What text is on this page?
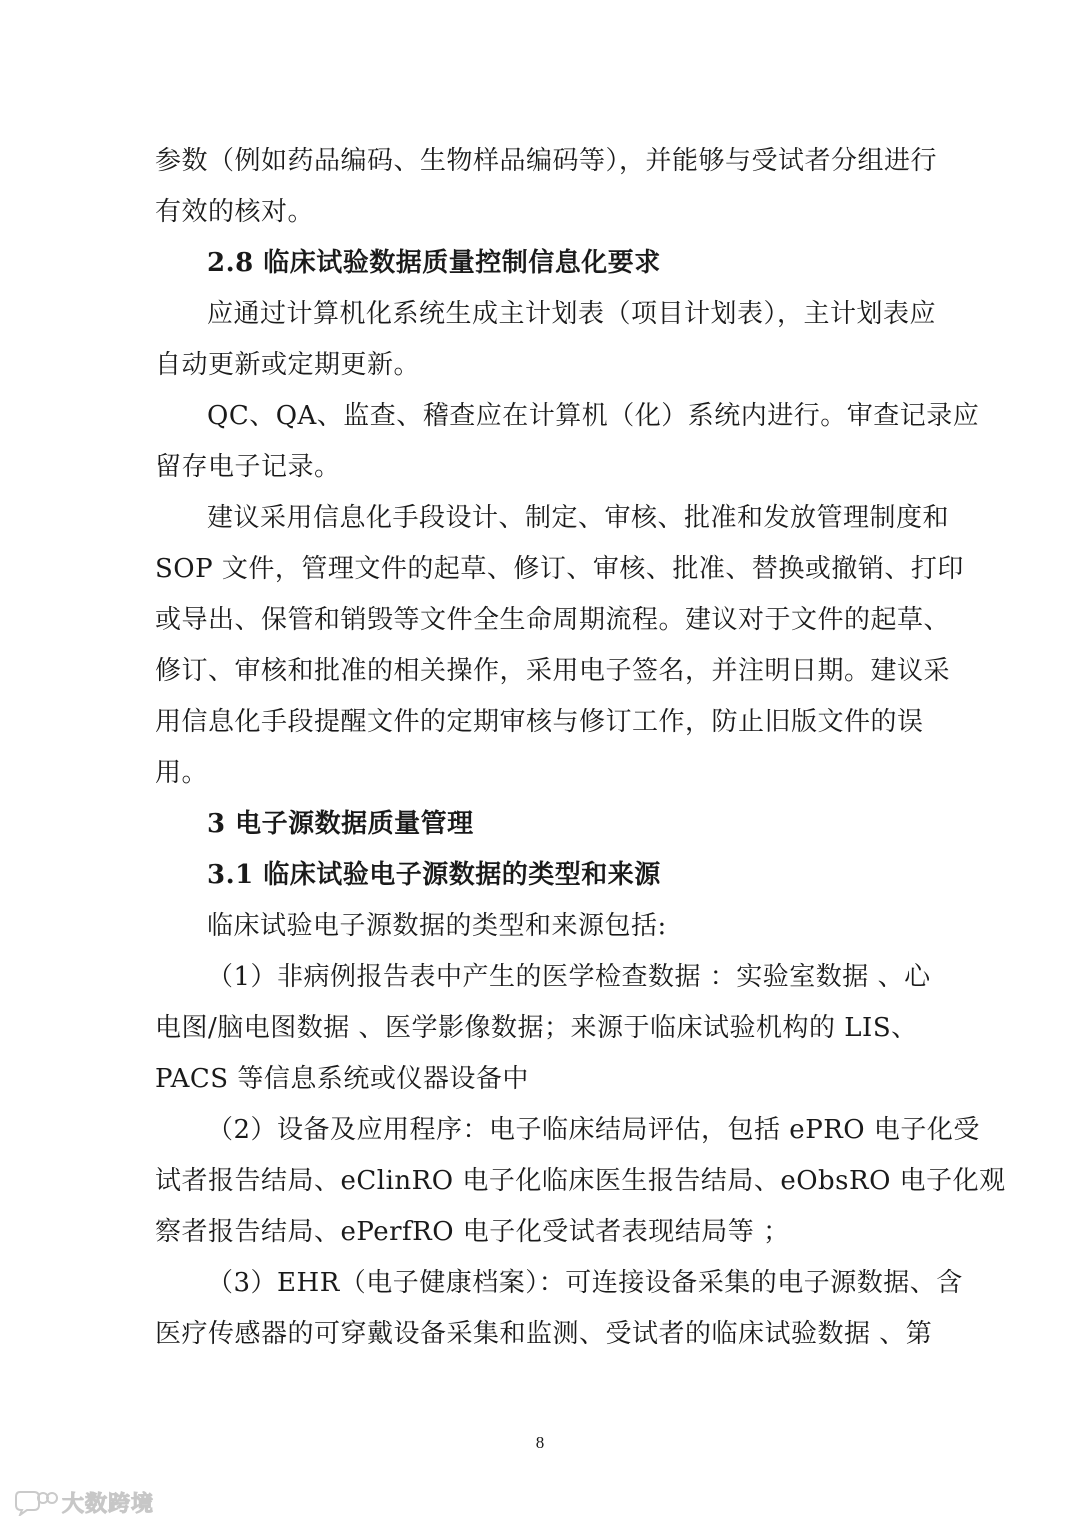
参数（例如药品编码、生物样品编码等），并能够与受试者分组进行
有效的核对。
2.8 临床试验数据质量控制信息化要求
应通过计算机化系统生成主计划表（项目计划表），主计划表应
自动更新或定期更新。
QC、QA、监查、稽查应在计算机（化）系统内进行。审查记录应
留存电子记录。
建议采用信息化手段设计、制定、审核、批准和发放管理制度和
SOP 文件，管理文件的起草、修订、审核、批准、替换或撤销、打印
或导出、保管和销毁等文件全生命周期流程。建议对于文件的起草、
修订、审核和批准的相关操作，采用电子签名，并注明日期。建议采
用信息化手段提醒文件的定期审核与修订工作，防止旧版文件的误
用。
3 电子源数据质量管理
3.1 临床试验电子源数据的类型和来源
临床试验电子源数据的类型和来源包括:
（1）非病例报告表中产生的医学检查数据 ：实验室数据 、心
电图/脑电图数据 、医学影像数据；来源于临床试验机构的 LIS、
PACS 等信息系统或仪器设备中
（2）设备及应用程序：电子临床结局评估，包括 ePRO 电子化受
试者报告结局、eClinRO 电子化临床医生报告结局、eObsRO 电子化观
察者报告结局、ePerfRO 电子化受试者表现结局等 ；
（3）EHR（电子健康档案）：可连接设备采集的电子源数据、含
医疗传感器的可穿戴设备采集和监测、受试者的临床试验数据 、第
8
大数跨境
